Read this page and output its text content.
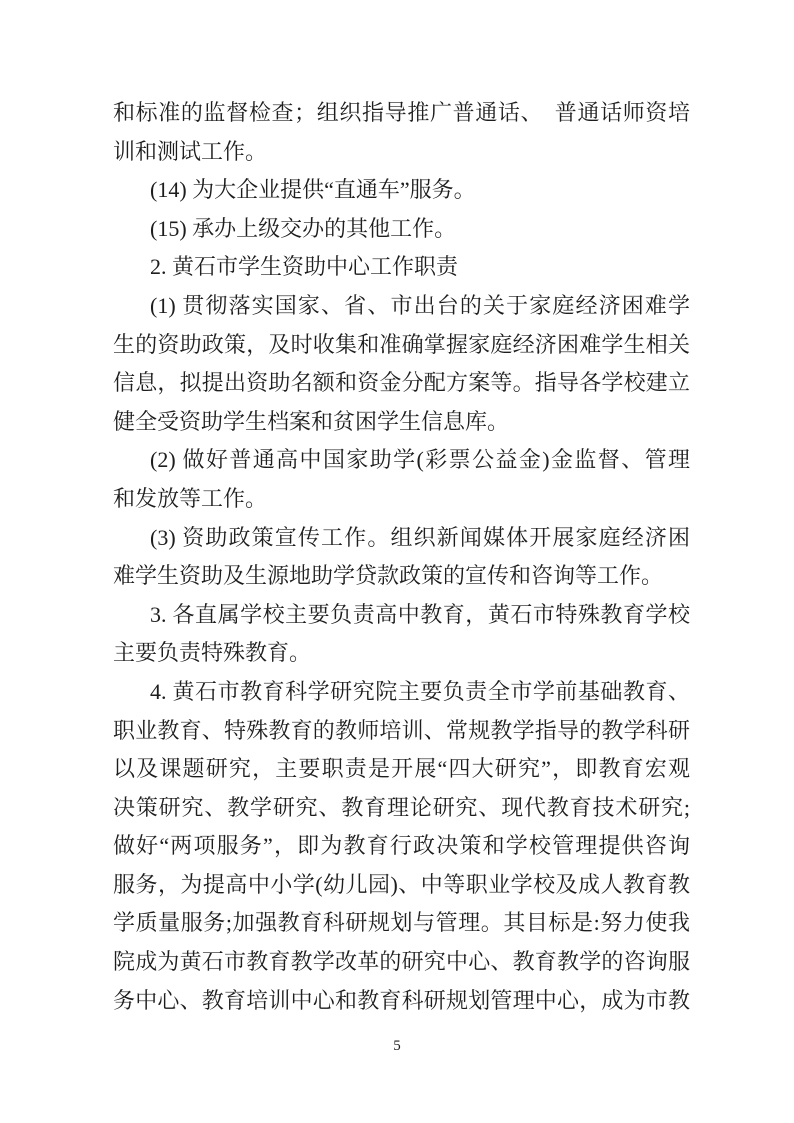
和标准的监督检查；组织指导推广普通话、　普通话师资培
训和测试工作。
(14) 为大企业提供“直通车”服务。
(15) 承办上级交办的其他工作。
2. 黄石市学生资助中心工作职责
(1) 贯彻落实国家、省、市出台的关于家庭经济困难学
生的资助政策，及时收集和准确掌握家庭经济困难学生相关
信息，拟提出资助名额和资金分配方案等。指导各学校建立
健全受资助学生档案和贫困学生信息库。
(2) 做好普通高中国家助学(彩票公益金)金监督、管理
和发放等工作。
(3) 资助政策宣传工作。组织新闻媒体开展家庭经济困
难学生资助及生源地助学贷款政策的宣传和咨询等工作。
3. 各直属学校主要负责高中教育，黄石市特殊教育学校
主要负责特殊教育。
4. 黄石市教育科学研究院主要负责全市学前基础教育、
职业教育、特殊教育的教师培训、常规教学指导的教学科研
以及课题研究，主要职责是开展“四大研究”，即教育宏观
决策研究、教学研究、教育理论研究、现代教育技术研究;
做好“两项服务”，即为教育行政决策和学校管理提供咨询
服务，为提高中小学(幼儿园)、中等职业学校及成人教育教
学质量服务;加强教育科研规划与管理。其目标是:努力使我
院成为黄石市教育教学改革的研究中心、教育教学的咨询服
务中心、教育培训中心和教育科研规划管理中心，成为市教
5
